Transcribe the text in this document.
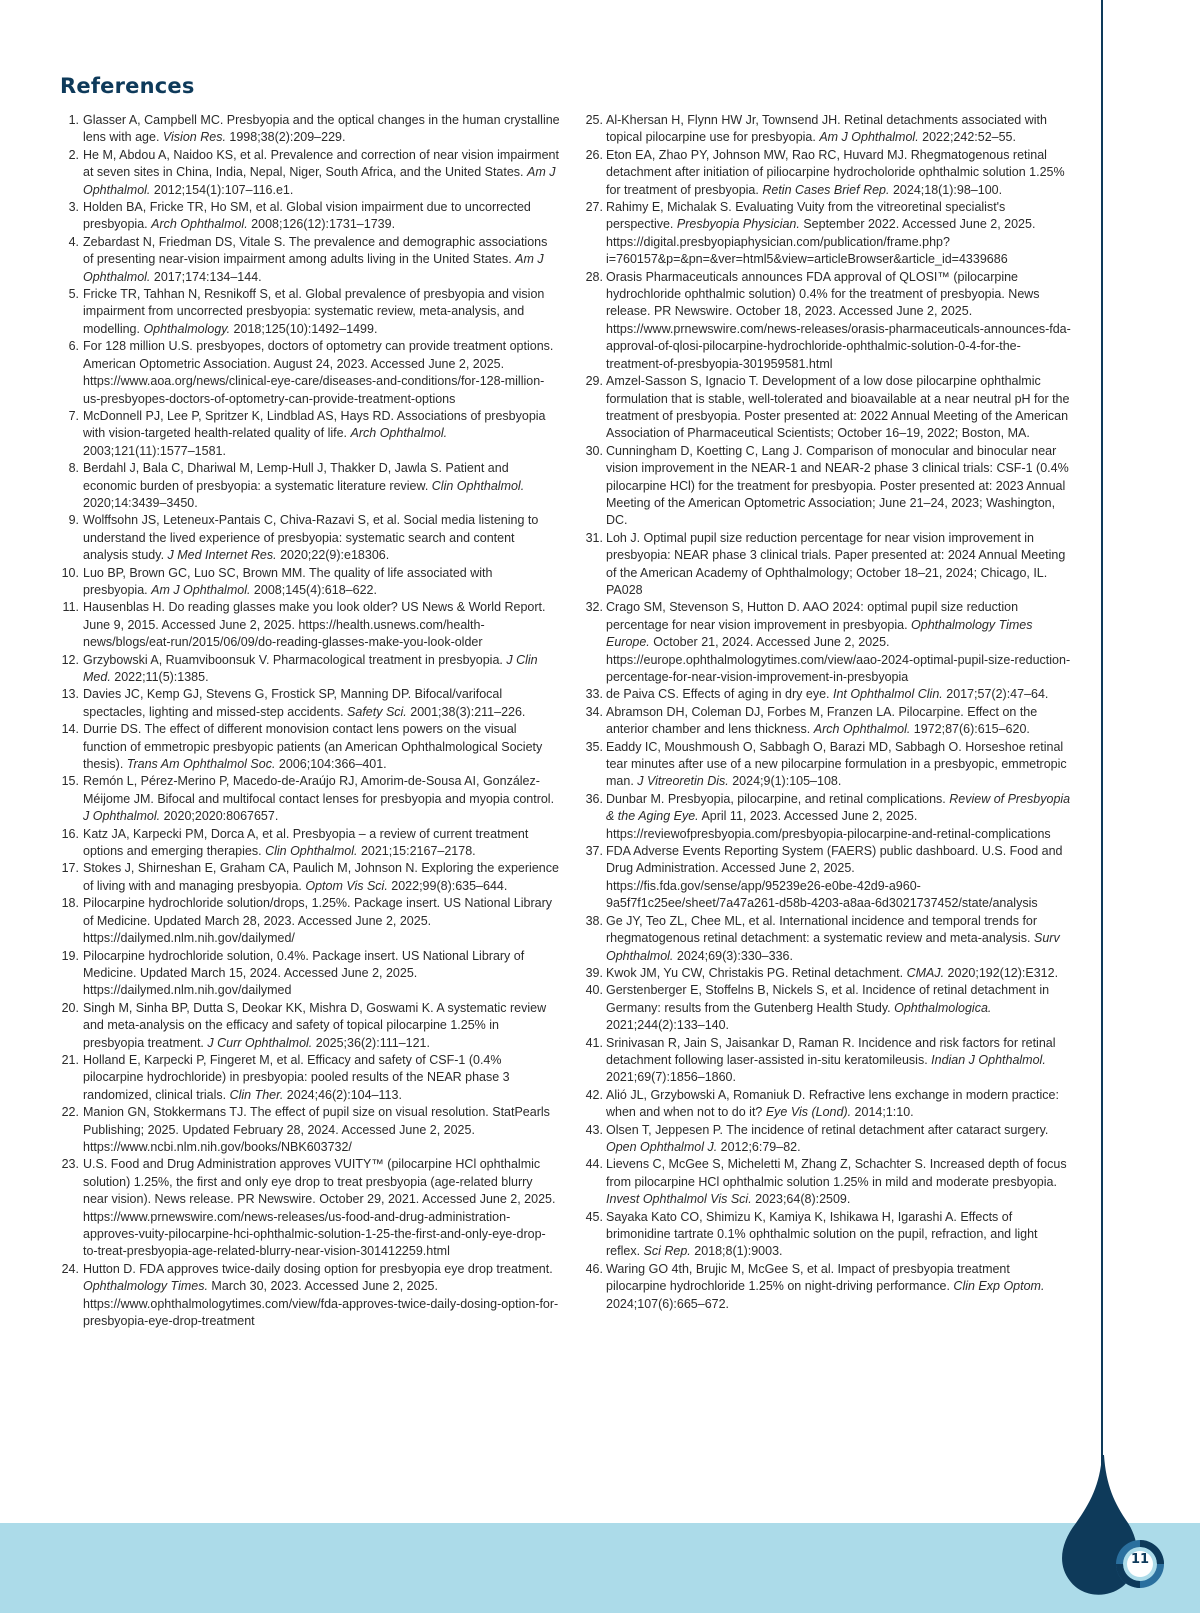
References
1. Glasser A, Campbell MC. Presbyopia and the optical changes in the human crystalline lens with age. Vision Res. 1998;38(2):209–229.
2. He M, Abdou A, Naidoo KS, et al. Prevalence and correction of near vision impairment at seven sites in China, India, Nepal, Niger, South Africa, and the United States. Am J Ophthalmol. 2012;154(1):107–116.e1.
3. Holden BA, Fricke TR, Ho SM, et al. Global vision impairment due to uncorrected presbyopia. Arch Ophthalmol. 2008;126(12):1731–1739.
4. Zebardast N, Friedman DS, Vitale S. The prevalence and demographic associations of presenting near-vision impairment among adults living in the United States. Am J Ophthalmol. 2017;174:134–144.
5. Fricke TR, Tahhan N, Resnikoff S, et al. Global prevalence of presbyopia and vision impairment from uncorrected presbyopia: systematic review, meta-analysis, and modelling. Ophthalmology. 2018;125(10):1492–1499.
6. For 128 million U.S. presbyopes, doctors of optometry can provide treatment options. American Optometric Association. August 24, 2023. Accessed June 2, 2025. https://www.aoa.org/news/clinical-eye-care/diseases-and-conditions/for-128-million-us-presbyopes-doctors-of-optometry-can-provide-treatment-options
7. McDonnell PJ, Lee P, Spritzer K, Lindblad AS, Hays RD. Associations of presbyopia with vision-targeted health-related quality of life. Arch Ophthalmol. 2003;121(11):1577–1581.
8. Berdahl J, Bala C, Dhariwal M, Lemp-Hull J, Thakker D, Jawla S. Patient and economic burden of presbyopia: a systematic literature review. Clin Ophthalmol. 2020;14:3439–3450.
9. Wolffsohn JS, Leteneux-Pantais C, Chiva-Razavi S, et al. Social media listening to understand the lived experience of presbyopia: systematic search and content analysis study. J Med Internet Res. 2020;22(9):e18306.
10. Luo BP, Brown GC, Luo SC, Brown MM. The quality of life associated with presbyopia. Am J Ophthalmol. 2008;145(4):618–622.
11. Hausenblas H. Do reading glasses make you look older? US News & World Report. June 9, 2015. Accessed June 2, 2025. https://health.usnews.com/health-news/blogs/eat-run/2015/06/09/do-reading-glasses-make-you-look-older
12. Grzybowski A, Ruamviboonsuk V. Pharmacological treatment in presbyopia. J Clin Med. 2022;11(5):1385.
13. Davies JC, Kemp GJ, Stevens G, Frostick SP, Manning DP. Bifocal/varifocal spectacles, lighting and missed-step accidents. Safety Sci. 2001;38(3):211–226.
14. Durrie DS. The effect of different monovision contact lens powers on the visual function of emmetropic presbyopic patients (an American Ophthalmological Society thesis). Trans Am Ophthalmol Soc. 2006;104:366–401.
15. Remón L, Pérez-Merino P, Macedo-de-Araújo RJ, Amorim-de-Sousa AI, González-Méijome JM. Bifocal and multifocal contact lenses for presbyopia and myopia control. J Ophthalmol. 2020;2020:8067657.
16. Katz JA, Karpecki PM, Dorca A, et al. Presbyopia – a review of current treatment options and emerging therapies. Clin Ophthalmol. 2021;15:2167–2178.
17. Stokes J, Shirneshan E, Graham CA, Paulich M, Johnson N. Exploring the experience of living with and managing presbyopia. Optom Vis Sci. 2022;99(8):635–644.
18. Pilocarpine hydrochloride solution/drops, 1.25%. Package insert. US National Library of Medicine. Updated March 28, 2023. Accessed June 2, 2025. https://dailymed.nlm.nih.gov/dailymed/
19. Pilocarpine hydrochloride solution, 0.4%. Package insert. US National Library of Medicine. Updated March 15, 2024. Accessed June 2, 2025. https://dailymed.nlm.nih.gov/dailymed
20. Singh M, Sinha BP, Dutta S, Deokar KK, Mishra D, Goswami K. A systematic review and meta-analysis on the efficacy and safety of topical pilocarpine 1.25% in presbyopia treatment. J Curr Ophthalmol. 2025;36(2):111–121.
21. Holland E, Karpecki P, Fingeret M, et al. Efficacy and safety of CSF-1 (0.4% pilocarpine hydrochloride) in presbyopia: pooled results of the NEAR phase 3 randomized, clinical trials. Clin Ther. 2024;46(2):104–113.
22. Manion GN, Stokkermans TJ. The effect of pupil size on visual resolution. StatPearls Publishing; 2025. Updated February 28, 2024. Accessed June 2, 2025. https://www.ncbi.nlm.nih.gov/books/NBK603732/
23. U.S. Food and Drug Administration approves VUITY™ (pilocarpine HCl ophthalmic solution) 1.25%, the first and only eye drop to treat presbyopia (age-related blurry near vision). News release. PR Newswire. October 29, 2021. Accessed June 2, 2025. https://www.prnewswire.com/news-releases/us-food-and-drug-administration-approves-vuity-pilocarpine-hci-ophthalmic-solution-1-25-the-first-and-only-eye-drop-to-treat-presbyopia-age-related-blurry-near-vision-301412259.html
24. Hutton D. FDA approves twice-daily dosing option for presbyopia eye drop treatment. Ophthalmology Times. March 30, 2023. Accessed June 2, 2025. https://www.ophthalmologytimes.com/view/fda-approves-twice-daily-dosing-option-for-presbyopia-eye-drop-treatment
25. Al-Khersan H, Flynn HW Jr, Townsend JH. Retinal detachments associated with topical pilocarpine use for presbyopia. Am J Ophthalmol. 2022;242:52–55.
26. Eton EA, Zhao PY, Johnson MW, Rao RC, Huvard MJ. Rhegmatogenous retinal detachment after initiation of piliocarpine hydrocholoride ophthalmic solution 1.25% for treatment of presbyopia. Retin Cases Brief Rep. 2024;18(1):98–100.
27. Rahimy E, Michalak S. Evaluating Vuity from the vitreoretinal specialist's perspective. Presbyopia Physician. September 2022. Accessed June 2, 2025. https://digital.presbyopiaphysician.com/publication/frame.php?i=760157&p=&pn=&ver=html5&view=articleBrowser&article_id=4339686
28. Orasis Pharmaceuticals announces FDA approval of QLOSI™ (pilocarpine hydrochloride ophthalmic solution) 0.4% for the treatment of presbyopia. News release. PR Newswire. October 18, 2023. Accessed June 2, 2025. https://www.prnewswire.com/news-releases/orasis-pharmaceuticals-announces-fda-approval-of-qlosi-pilocarpine-hydrochloride-ophthalmic-solution-0-4-for-the-treatment-of-presbyopia-301959581.html
29. Amzel-Sasson S, Ignacio T. Development of a low dose pilocarpine ophthalmic formulation that is stable, well-tolerated and bioavailable at a near neutral pH for the treatment of presbyopia. Poster presented at: 2022 Annual Meeting of the American Association of Pharmaceutical Scientists; October 16–19, 2022; Boston, MA.
30. Cunningham D, Koetting C, Lang J. Comparison of monocular and binocular near vision improvement in the NEAR-1 and NEAR-2 phase 3 clinical trials: CSF-1 (0.4% pilocarpine HCl) for the treatment for presbyopia. Poster presented at: 2023 Annual Meeting of the American Optometric Association; June 21–24, 2023; Washington, DC.
31. Loh J. Optimal pupil size reduction percentage for near vision improvement in presbyopia: NEAR phase 3 clinical trials. Paper presented at: 2024 Annual Meeting of the American Academy of Ophthalmology; October 18–21, 2024; Chicago, IL. PA028
32. Crago SM, Stevenson S, Hutton D. AAO 2024: optimal pupil size reduction percentage for near vision improvement in presbyopia. Ophthalmology Times Europe. October 21, 2024. Accessed June 2, 2025. https://europe.ophthalmologytimes.com/view/aao-2024-optimal-pupil-size-reduction-percentage-for-near-vision-improvement-in-presbyopia
33. de Paiva CS. Effects of aging in dry eye. Int Ophthalmol Clin. 2017;57(2):47–64.
34. Abramson DH, Coleman DJ, Forbes M, Franzen LA. Pilocarpine. Effect on the anterior chamber and lens thickness. Arch Ophthalmol. 1972;87(6):615–620.
35. Eaddy IC, Moushmoush O, Sabbagh O, Barazi MD, Sabbagh O. Horseshoe retinal tear minutes after use of a new pilocarpine formulation in a presbyopic, emmetropic man. J Vitreoretin Dis. 2024;9(1):105–108.
36. Dunbar M. Presbyopia, pilocarpine, and retinal complications. Review of Presbyopia & the Aging Eye. April 11, 2023. Accessed June 2, 2025. https://reviewofpresbyopia.com/presbyopia-pilocarpine-and-retinal-complications
37. FDA Adverse Events Reporting System (FAERS) public dashboard. U.S. Food and Drug Administration. Accessed June 2, 2025. https://fis.fda.gov/sense/app/95239e26-e0be-42d9-a960-9a5f7f1c25ee/sheet/7a47a261-d58b-4203-a8aa-6d3021737452/state/analysis
38. Ge JY, Teo ZL, Chee ML, et al. International incidence and temporal trends for rhegmatogenous retinal detachment: a systematic review and meta-analysis. Surv Ophthalmol. 2024;69(3):330–336.
39. Kwok JM, Yu CW, Christakis PG. Retinal detachment. CMAJ. 2020;192(12):E312.
40. Gerstenberger E, Stoffelns B, Nickels S, et al. Incidence of retinal detachment in Germany: results from the Gutenberg Health Study. Ophthalmologica. 2021;244(2):133–140.
41. Srinivasan R, Jain S, Jaisankar D, Raman R. Incidence and risk factors for retinal detachment following laser-assisted in-situ keratomileusis. Indian J Ophthalmol. 2021;69(7):1856–1860.
42. Alió JL, Grzybowski A, Romaniuk D. Refractive lens exchange in modern practice: when and when not to do it? Eye Vis (Lond). 2014;1:10.
43. Olsen T, Jeppesen P. The incidence of retinal detachment after cataract surgery. Open Ophthalmol J. 2012;6:79–82.
44. Lievens C, McGee S, Micheletti M, Zhang Z, Schachter S. Increased depth of focus from pilocarpine HCl ophthalmic solution 1.25% in mild and moderate presbyopia. Invest Ophthalmol Vis Sci. 2023;64(8):2509.
45. Sayaka Kato CO, Shimizu K, Kamiya K, Ishikawa H, Igarashi A. Effects of brimonidine tartrate 0.1% ophthalmic solution on the pupil, refraction, and light reflex. Sci Rep. 2018;8(1):9003.
46. Waring GO 4th, Brujic M, McGee S, et al. Impact of presbyopia treatment pilocarpine hydrochloride 1.25% on night-driving performance. Clin Exp Optom. 2024;107(6):665–672.
11
